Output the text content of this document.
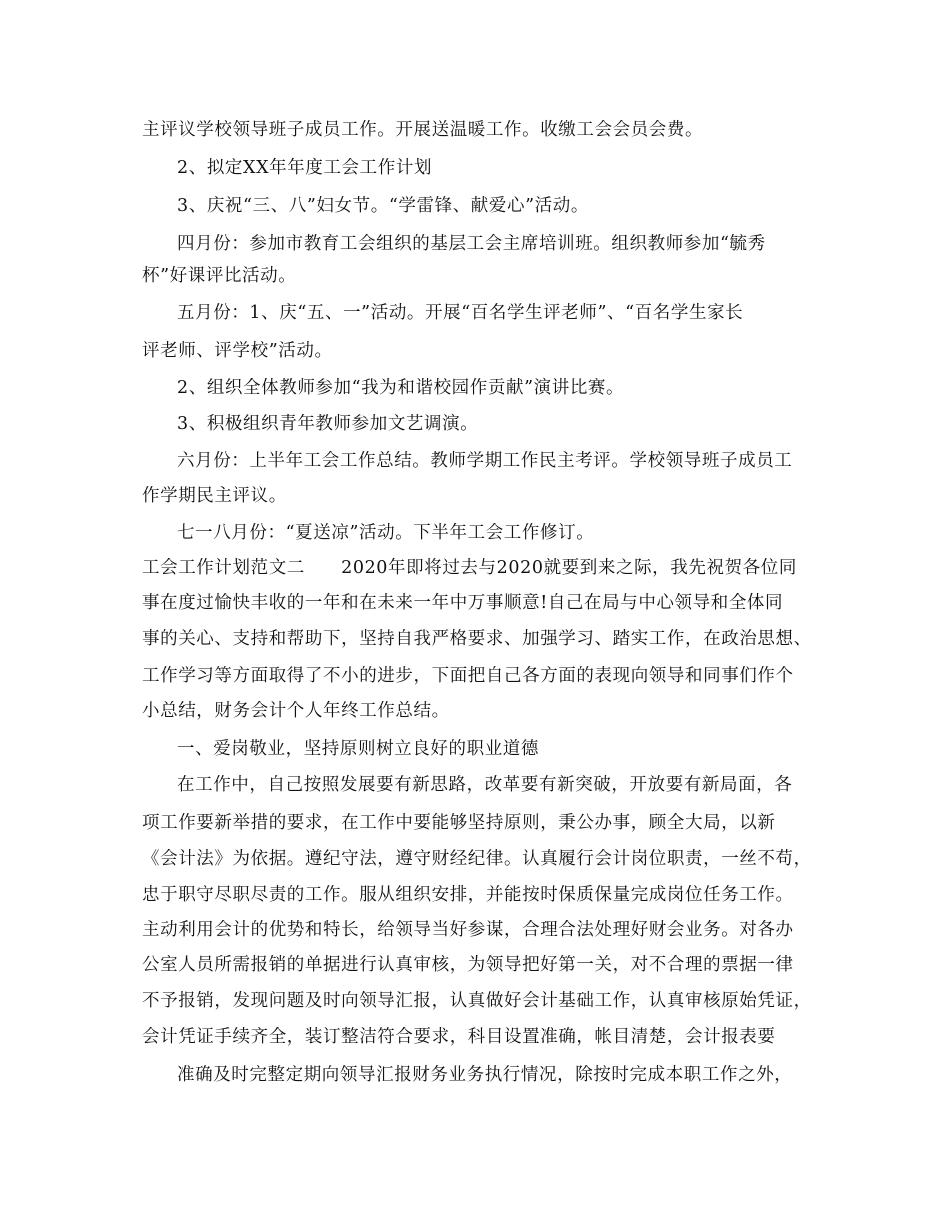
主评议学校领导班子成员工作。开展送温暖工作。收缴工会会员会费。
2、拟定XX年年度工会工作计划
3、庆祝“三、八”妇女节。“学雷锋、献爱心”活动。
四月份：参加市教育工会组织的基层工会主席培训班。组织教师参加“毓秀
杯”好课评比活动。
五月份：1、庆“五、一”活动。开展“百名学生评老师”、“百名学生家长
评老师、评学校”活动。
2、组织全体教师参加“我为和谐校园作贡献”演讲比赛。
3、积极组织青年教师参加文艺调演。
六月份：上半年工会工作总结。教师学期工作民主考评。学校领导班子成员工
作学期民主评议。
七一八月份：“夏送凉”活动。下半年工会工作修订。
工会工作计划范文二　　2020年即将过去与2020就要到来之际，我先祝贺各位同
事在度过愉快丰收的一年和在未来一年中万事顺意!自己在局与中心领导和全体同
事的关心、支持和帮助下，坚持自我严格要求、加强学习、踏实工作，在政治思想、
工作学习等方面取得了不小的进步，下面把自己各方面的表现向领导和同事们作个
小总结，财务会计个人年终工作总结。
一、爱岗敬业，坚持原则树立良好的职业道德
在工作中，自己按照发展要有新思路，改革要有新突破，开放要有新局面，各
项工作要新举措的要求，在工作中要能够坚持原则，秉公办事，顾全大局，以新
《会计法》为依据。遵纪守法，遵守财经纪律。认真履行会计岗位职责，一丝不苟，
忠于职守尽职尽责的工作。服从组织安排，并能按时保质保量完成岗位任务工作。
主动利用会计的优势和特长，给领导当好参谋，合理合法处理好财会业务。对各办
公室人员所需报销的单据进行认真审核，为领导把好第一关，对不合理的票据一律
不予报销，发现问题及时向领导汇报，认真做好会计基础工作，认真审核原始凭证，
会计凭证手续齐全，装订整洁符合要求，科目设置准确，帐目清楚，会计报表要
准确及时完整定期向领导汇报财务业务执行情况，除按时完成本职工作之外，
